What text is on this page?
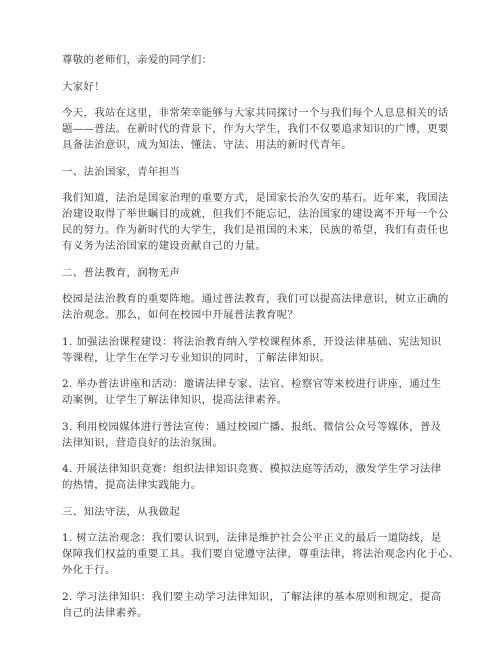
尊敬的老师们，亲爱的同学们：

大家好！

今天，我站在这里，非常荣幸能够与大家共同探讨一个与我们每个人息息相关的话
题——普法。在新时代的背景下，作为大学生，我们不仅要追求知识的广博，更要
具备法治意识，成为知法、懂法、守法、用法的新时代青年。

一、法治国家，青年担当

我们知道，法治是国家治理的重要方式，是国家长治久安的基石。近年来，我国法
治建设取得了举世瞩目的成就，但我们不能忘记，法治国家的建设离不开每一个公
民的努力。作为新时代的大学生，我们是祖国的未来，民族的希望，我们有责任也
有义务为法治国家的建设贡献自己的力量。

二、普法教育，润物无声

校园是法治教育的重要阵地。通过普法教育，我们可以提高法律意识，树立正确的
法治观念。那么，如何在校园中开展普法教育呢？

1. 加强法治课程建设：将法治教育纳入学校课程体系，开设法律基础、宪法知识
等课程，让学生在学习专业知识的同时，了解法律知识。

2. 举办普法讲座和活动：邀请法律专家、法官、检察官等来校进行讲座，通过生
动案例，让学生了解法律知识，提高法律素养。

3. 利用校园媒体进行普法宣传：通过校园广播、报纸、微信公众号等媒体，普及
法律知识，营造良好的法治氛围。

4. 开展法律知识竞赛：组织法律知识竞赛、模拟法庭等活动，激发学生学习法律
的热情，提高法律实践能力。

三、知法守法，从我做起

1. 树立法治观念：我们要认识到，法律是维护社会公平正义的最后一道防线，是
保障我们权益的重要工具。我们要自觉遵守法律，尊重法律，将法治观念内化于心、
外化于行。

2. 学习法律知识：我们要主动学习法律知识，了解法律的基本原则和规定，提高
自己的法律素养。
